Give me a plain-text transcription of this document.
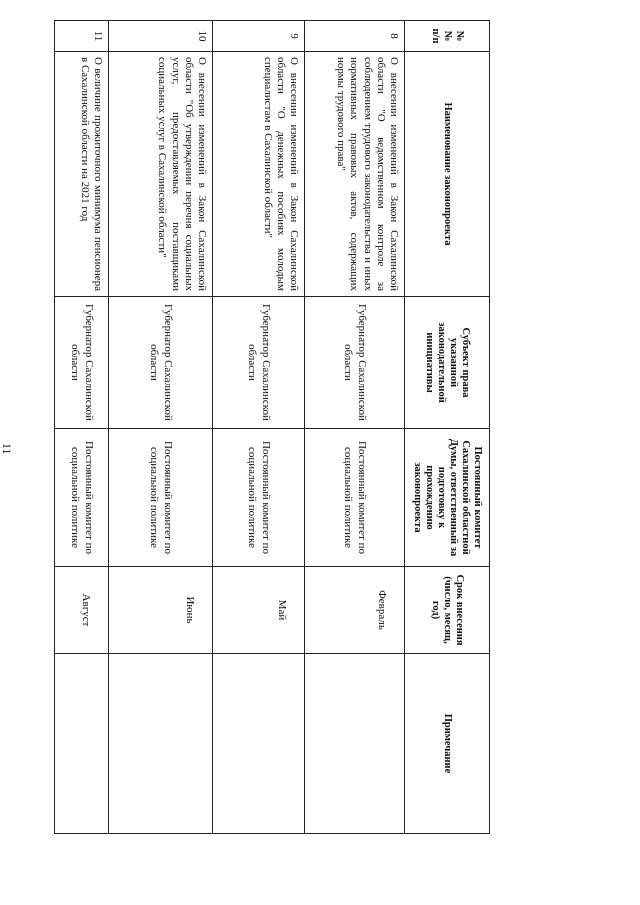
11
№ № п/п	Наименование законопроекта	Субъект права указанной законодательной инициативы	Постоянный комитет Сахалинской областной Думы, ответственный за подготовку к прохождению законопроекта	Срок внесения (число, месяц, год)	Примечание
8	О внесении изменений в Закон Сахалинской области "О ведомственном контроле за соблюдением трудового законодательства и иных нормативных правовых актов, содержащих нормы трудового права"	Губернатор Сахалинской области	Постоянный комитет по социальной политике	Февраль	
9	О внесении изменений в Закон Сахалинской области "О денежных пособиях молодым специалистам в Сахалинской области"	Губернатор Сахалинской области	Постоянный комитет по социальной политике	Май	
10	О внесении изменений в Закон Сахалинской области "Об утверждении перечня социальных услуг, предоставляемых поставщиками социальных услуг в Сахалинской области"	Губернатор Сахалинской области	Постоянный комитет по социальной политике	Июнь	
11	О величине прожиточного минимума пенсионера в Сахалинской области на 2021 год	Губернатор Сахалинской области	Постоянный комитет по социальной политике	Август	
